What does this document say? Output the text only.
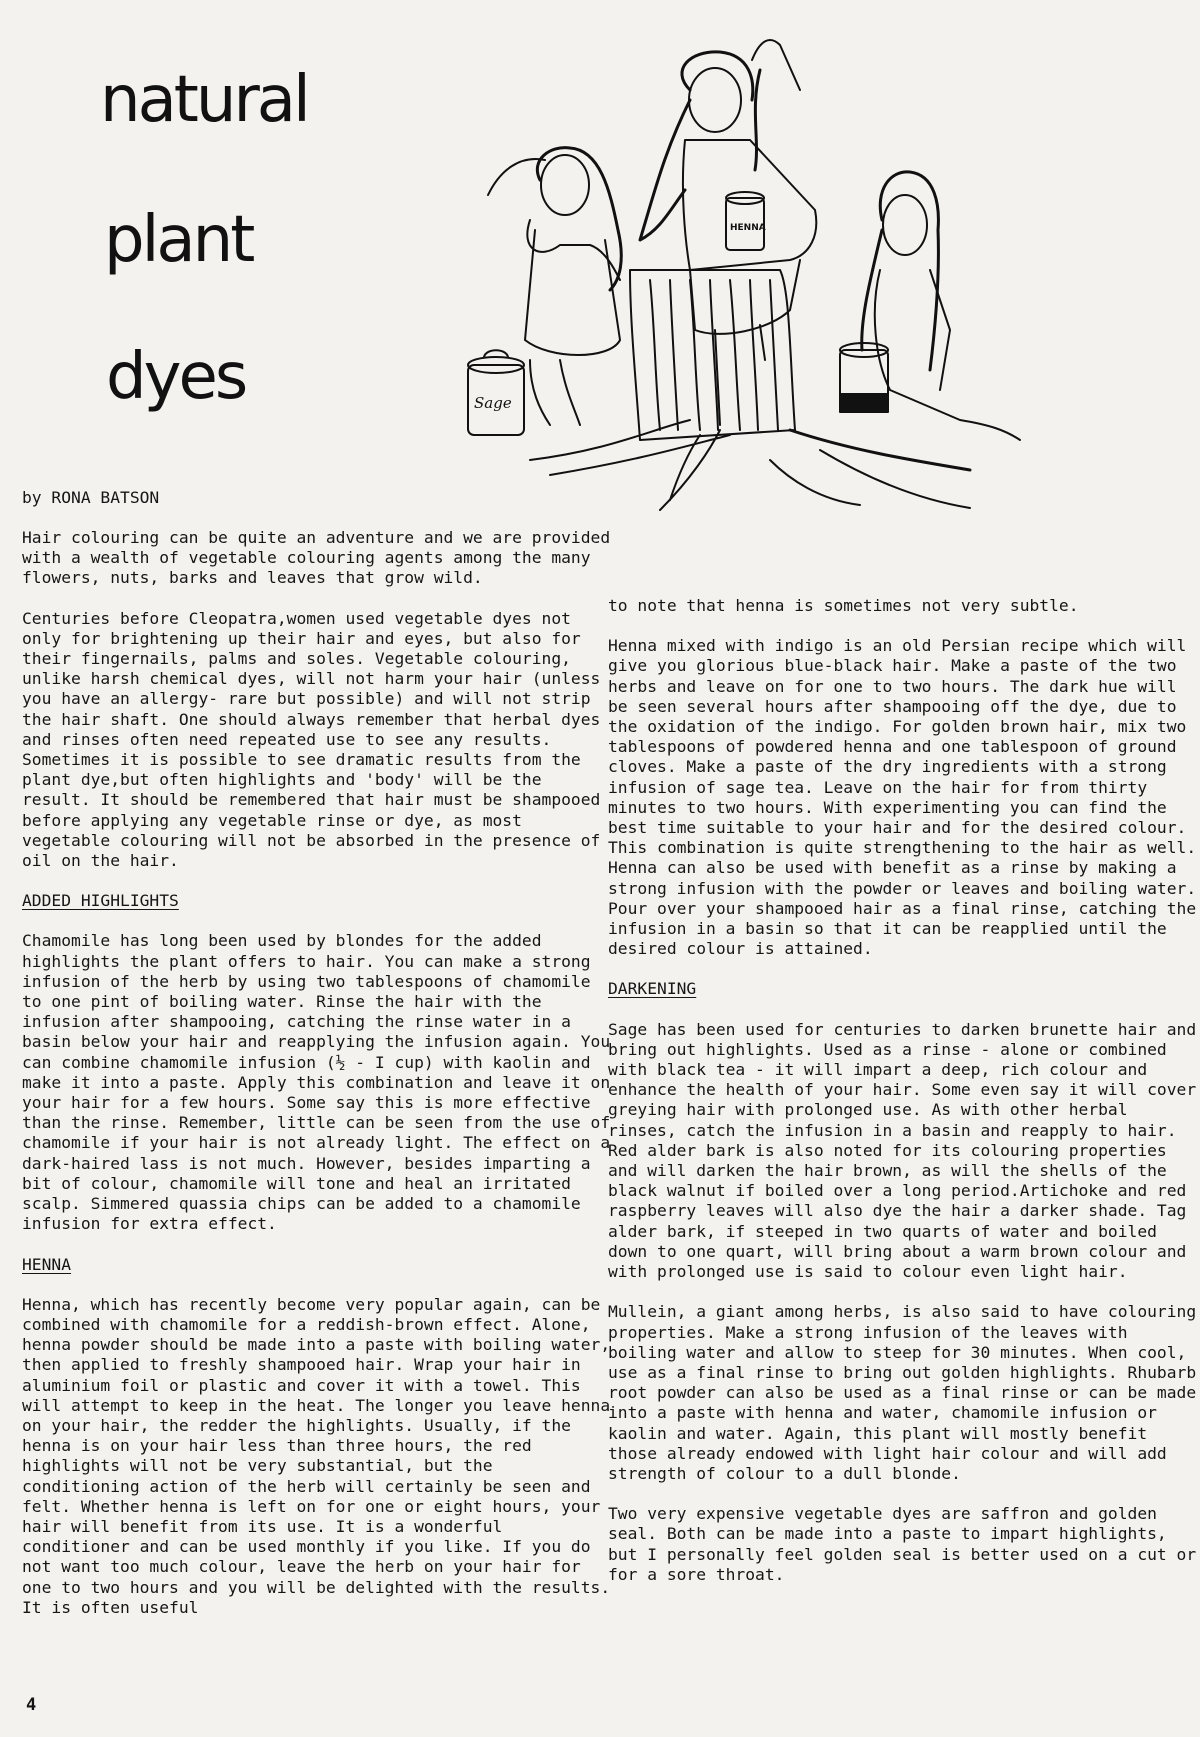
natural
plant
dyes	Sage
HENNA
by RONA BATSON

Hair colouring can be quite an adventure and we are provided with a wealth of vegetable colouring agents among the many flowers, nuts, barks and leaves that grow wild.

Centuries before Cleopatra,women used vegetable dyes not only for brightening up their hair and eyes, but also for their fingernails, palms and soles. Vegetable colouring, unlike harsh chemical dyes, will not harm your hair (unless you have an allergy- rare but possible) and will not strip the hair shaft. One should always remember that herbal dyes and rinses often need repeated use to see any results. Sometimes it is possible to see dramatic results from the plant dye,but often highlights and 'body' will be the result. It should be remembered that hair must be shampooed before applying any vegetable rinse or dye, as most vegetable colouring will not be absorbed in the presence of oil on the hair.

ADDED HIGHLIGHTS

Chamomile has long been used by blondes for the added highlights the plant offers to hair. You can make a strong infusion of the herb by using two tablespoons of chamomile to one pint of boiling water. Rinse the hair with the infusion after shampooing, catching the rinse water in a basin below your hair and reapplying the infusion again. You can combine chamomile infusion (½ - I cup) with kaolin and make it into a paste. Apply this combination and leave it on your hair for a few hours. Some say this is more effective than the rinse. Remember, little can be seen from the use of chamomile if your hair is not already light. The effect on a dark-haired lass is not much. However, besides imparting a bit of colour, chamomile will tone and heal an irritated scalp. Simmered quassia chips can be added to a chamomile infusion for extra effect.

HENNA

Henna, which has recently become very popular again, can be combined with chamomile for a reddish-brown effect. Alone, henna powder should be made into a paste with boiling water, then applied to freshly shampooed hair. Wrap your hair in aluminium foil or plastic and cover it with a towel. This will attempt to keep in the heat. The longer you leave henna on your hair, the redder the highlights. Usually, if the henna is on your hair less than three hours, the red highlights will not be very substantial, but the conditioning action of the herb will certainly be seen and felt. Whether henna is left on for one or eight hours, your hair will benefit from its use. It is a wonderful conditioner and can be used monthly if you like. If you do not want too much colour, leave the herb on your hair for one to two hours and you will be delighted with the results. It is often useful

to note that henna is sometimes not very subtle.

Henna mixed with indigo is an old Persian recipe which will give you glorious blue-black hair. Make a paste of the two herbs and leave on for one to two hours. The dark hue will be seen several hours after shampooing off the dye, due to the oxidation of the indigo. For golden brown hair, mix two tablespoons of powdered henna and one tablespoon of ground cloves. Make a paste of the dry ingredients with a strong infusion of sage tea. Leave on the hair for from thirty minutes to two hours. With experimenting you can find the best time suitable to your hair and for the desired colour. This combination is quite strengthening to the hair as well. Henna can also be used with benefit as a rinse by making a strong infusion with the powder or leaves and boiling water. Pour over your shampooed hair as a final rinse, catching the infusion in a basin so that it can be reapplied until the desired colour is attained.

DARKENING

Sage has been used for centuries to darken brunette hair and bring out highlights. Used as a rinse - alone or combined with black tea - it will impart a deep, rich colour and enhance the health of your hair. Some even say it will cover greying hair with prolonged use. As with other herbal rinses, catch the infusion in a basin and reapply to hair. Red alder bark is also noted for its colouring properties and will darken the hair brown, as will the shells of the black walnut if boiled over a long period.Artichoke and red raspberry leaves will also dye the hair a darker shade. Tag alder bark, if steeped in two quarts of water and boiled down to one quart, will bring about a warm brown colour and with prolonged use is said to colour even light hair.

Mullein, a giant among herbs, is also said to have colouring properties. Make a strong infusion of the leaves with boiling water and allow to steep for 30 minutes. When cool, use as a final rinse to bring out golden highlights. Rhubarb root powder can also be used as a final rinse or can be made into a paste with henna and water, chamomile infusion or kaolin and water. Again, this plant will mostly benefit those already endowed with light hair colour and will add strength of colour to a dull blonde.

Two very expensive vegetable dyes are saffron and golden seal. Both can be made into a paste to impart highlights, but I personally feel golden seal is better used on a cut or for a sore throat.

4
